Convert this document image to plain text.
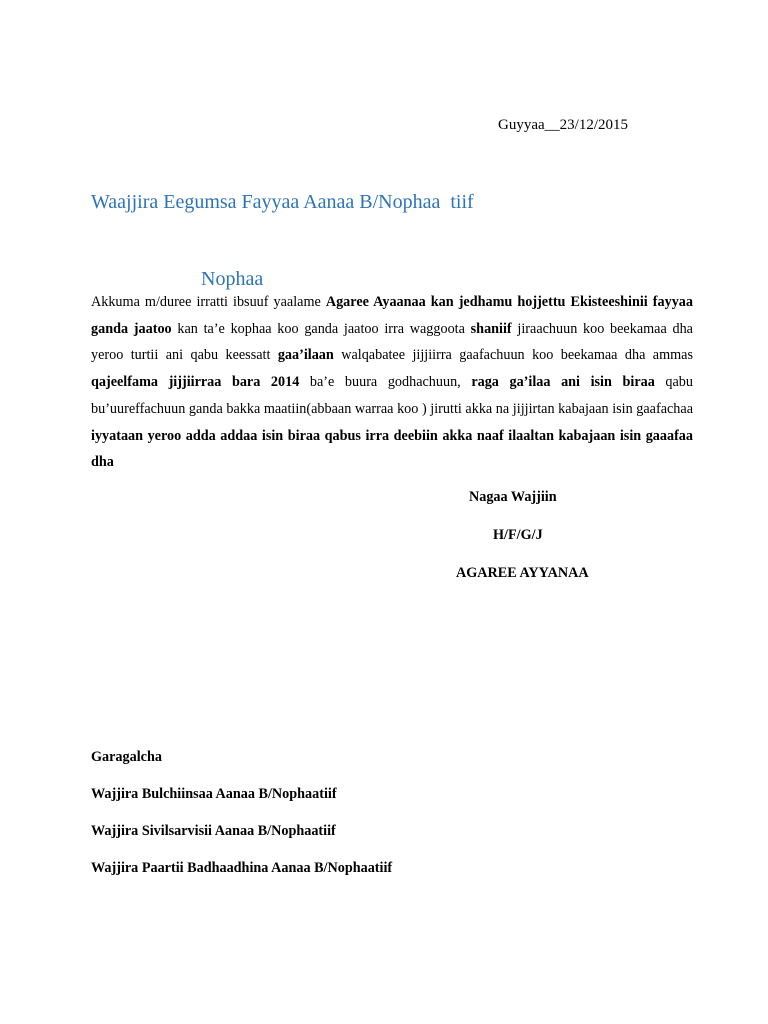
Guyyaa__23/12/2015
Waajjira Eegumsa Fayyaa Aanaa B/Nophaa  tiif
Nophaa

Akkuma m/duree irratti ibsuuf yaalame Agaree Ayaanaa kan jedhamu hojjettu Ekisteeshinii fayyaa ganda jaatoo kan ta’e kophaa koo ganda jaatoo irra waggoota shaniif jiraachuun koo beekamaa dha yeroo turtii ani qabu keessatt gaa’ilaan walqabatee jijjiirra gaafachuun koo beekamaa dha ammas qajeelfama jijjiirraa bara 2014 ba’e buura godhachuun, raga ga’ilaa ani isin biraa qabu bu’uureffachuun ganda bakka maatiin(abbaan warraa koo ) jirutti akka na jijjirtan kabajaan isin gaafachaa iyyataan yeroo adda addaa isin biraa qabus irra deebiin akka naaf ilaaltan kabajaan isin gaaafaa dha

Nagaa Wajjiin
H/F/G/J
AGAREE AYYANAA
Garagalcha
Wajjira Bulchiinsaa Aanaa B/Nophaatiif
Wajjira Sivilsarvisii Aanaa B/Nophaatiif
Wajjira Paartii Badhaadhina Aanaa B/Nophaatiif
